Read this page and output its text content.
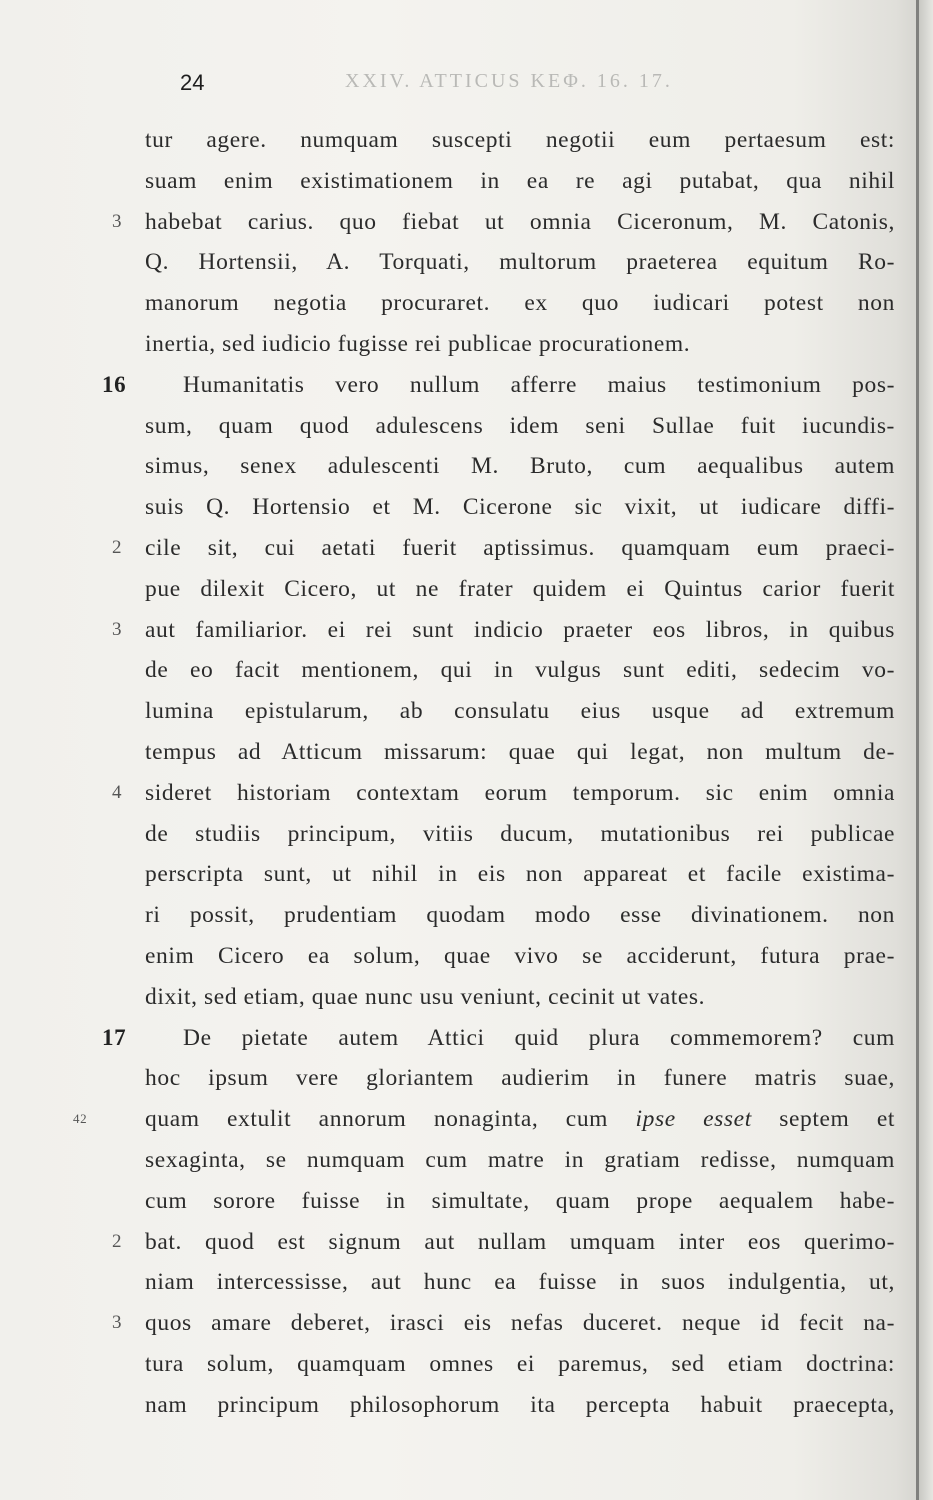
24	XXIV. ATTICUS ΚΕΦ. 16. 17.
tur agere. numquam suscepti negotii eum pertaesum est:
suam enim existimationem in ea re agi putabat, qua nihil
3 habebat carius. quo fiebat ut omnia Ciceronum, M. Catonis,
Q. Hortensii, A. Torquati, multorum praeterea equitum Ro-
manorum negotia procuraret. ex quo iudicari potest non
inertia, sed iudicio fugisse rei publicae procurationem.
16	Humanitatis vero nullum afferre maius testimonium pos-
sum, quam quod adulescens idem seni Sullae fuit iucundis-
simus, senex adulescenti M. Bruto, cum aequalibus autem
suis Q. Hortensio et M. Cicerone sic vixit, ut iudicare diffi-
2 cile sit, cui aetati fuerit aptissimus. quamquam eum praeci-
pue dilexit Cicero, ut ne frater quidem ei Quintus carior fuerit
3 aut familiarior. ei rei sunt indicio praeter eos libros, in quibus
de eo facit mentionem, qui in vulgus sunt editi, sedecim vo-
lumina epistularum, ab consulatu eius usque ad extremum
tempus ad Atticum missarum: quae qui legat, non multum de-
4 sideret historiam contextam eorum temporum. sic enim omnia
de studiis principum, vitiis ducum, mutationibus rei publicae
perscripta sunt, ut nihil in eis non appareat et facile existima-
ri possit, prudentiam quodam modo esse divinationem. non
enim Cicero ea solum, quae vivo se acciderunt, futura prae-
dixit, sed etiam, quae nunc usu veniunt, cecinit ut vates.
17	De pietate autem Attici quid plura commemorem? cum
hoc ipsum vere gloriantem audierim in funere matris suae,
42 quam extulit annorum nonaginta, cum ipse esset septem et
sexaginta, se numquam cum matre in gratiam redisse, numquam
cum sorore fuisse in simultate, quam prope aequalem habe-
2 bat. quod est signum aut nullam umquam inter eos querimo-
niam intercessisse, aut hunc ea fuisse in suos indulgentia, ut,
3 quos amare deberet, irasci eis nefas duceret. neque id fecit na-
tura solum, quamquam omnes ei paremus, sed etiam doctrina:
nam principum philosophorum ita percepta habuit praecepta,
